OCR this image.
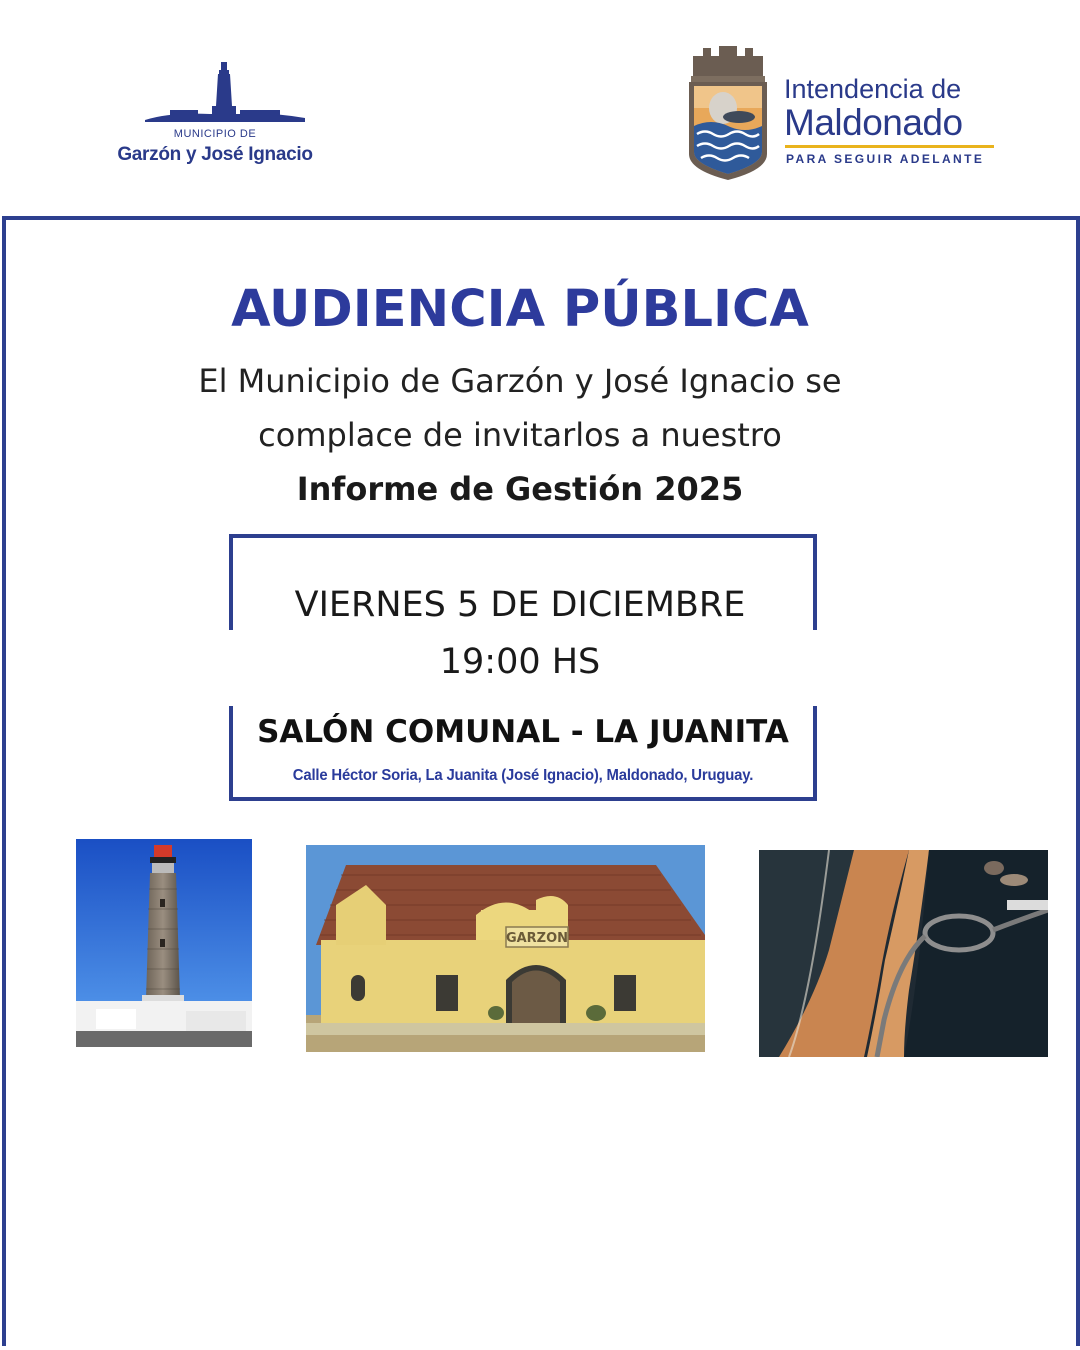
MUNICIPIO DE
Garzón y José Ignacio
Intendencia de
Maldonado
PARA SEGUIR ADELANTE
AUDIENCIA PÚBLICA
El Municipio de Garzón y José Ignacio se
complace de invitarlos a nuestro
Informe de Gestión 2025
VIERNES 5 DE DICIEMBRE
19:00 HS
SALÓN COMUNAL - LA JUANITA
Calle Héctor Soria, La Juanita (José Ignacio), Maldonado, Uruguay.
GARZON
